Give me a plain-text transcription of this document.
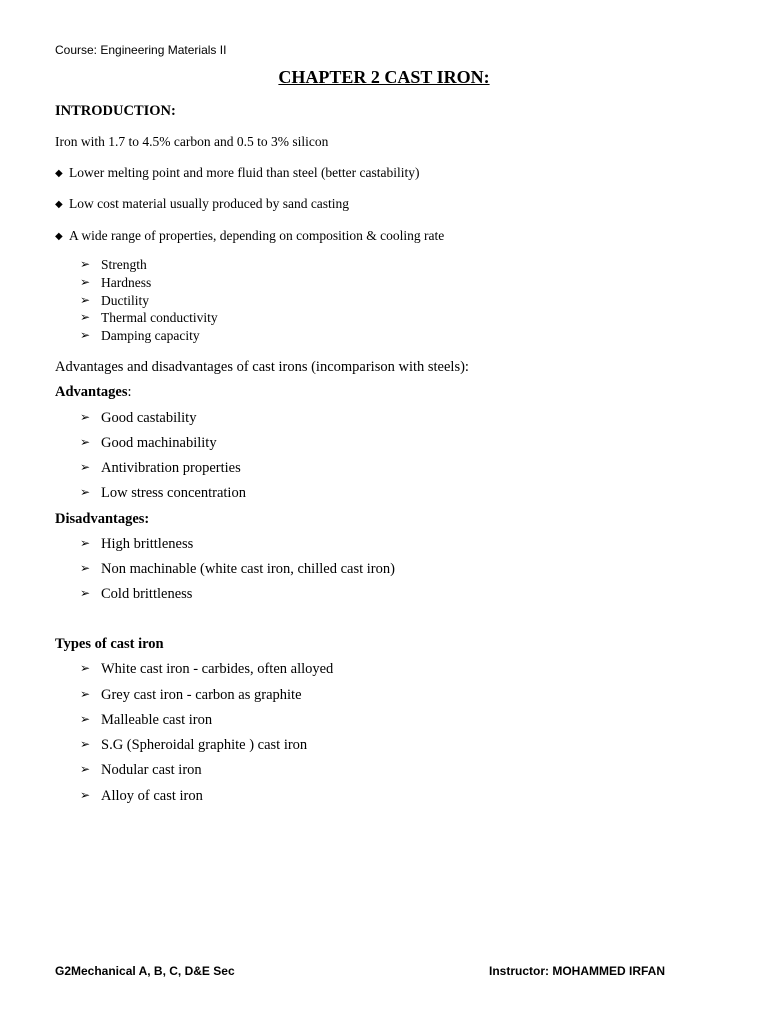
Course: Engineering Materials II
CHAPTER 2 CAST IRON:
INTRODUCTION:
Iron with 1.7 to 4.5% carbon and 0.5 to 3% silicon
◆ Lower melting point and more fluid than steel (better castability)
◆ Low cost material usually produced by sand casting
◆ A wide range of properties, depending on composition & cooling rate
➢ Strength
➢ Hardness
➢ Ductility
➢ Thermal conductivity
➢ Damping capacity
Advantages and disadvantages of cast irons (incomparison with steels):
Advantages:
➢ Good castability
➢ Good machinability
➢ Antivibration properties
➢ Low stress concentration
Disadvantages:
➢ High brittleness
➢ Non machinable (white cast iron, chilled cast iron)
➢ Cold brittleness
Types of cast iron
➢ White cast iron - carbides, often alloyed
➢ Grey cast iron - carbon as graphite
➢ Malleable cast iron
➢ S.G (Spheroidal graphite ) cast iron
➢ Nodular cast iron
➢ Alloy of cast iron
G2Mechanical A, B, C, D&E Sec	Instructor: MOHAMMED IRFAN
